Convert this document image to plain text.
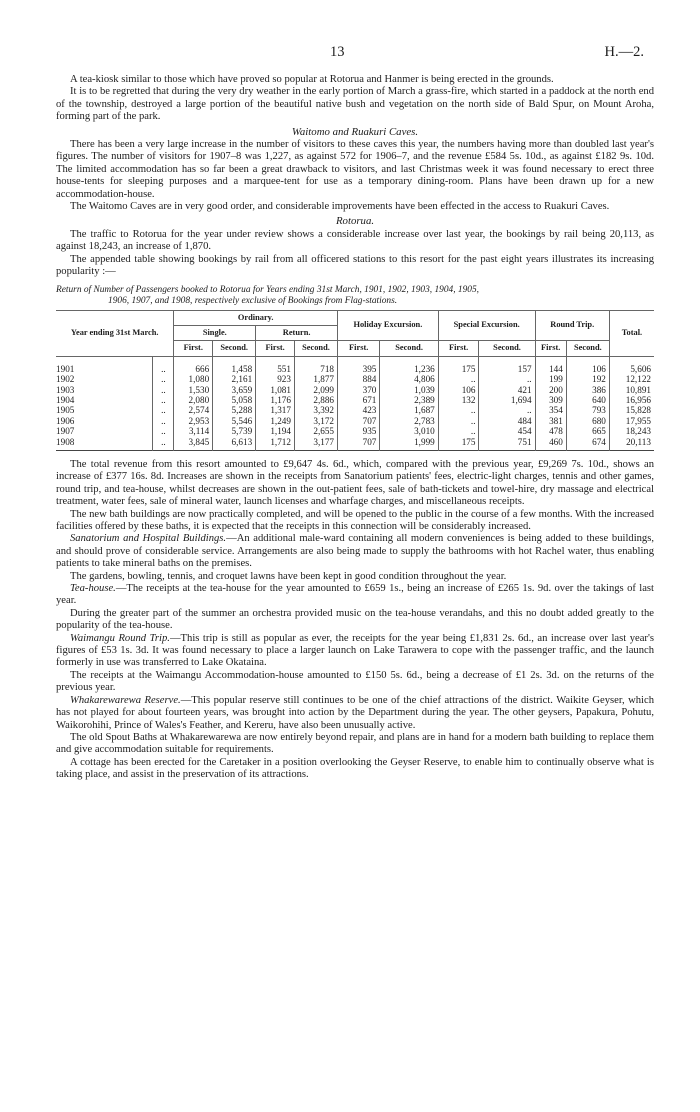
13	H.—2.

A tea-kiosk similar to those which have proved so popular at Rotorua and Hanmer is being erected in the grounds.

It is to be regretted that during the very dry weather in the early portion of March a grass-fire, which started in a paddock at the north end of the township, destroyed a large portion of the beautiful native bush and vegetation on the north side of Bald Spur, on Mount Aroha, forming part of the park.

Waitomo and Ruakuri Caves.

There has been a very large increase in the number of visitors to these caves this year, the numbers having more than doubled last year's figures. The number of visitors for 1907–8 was 1,227, as against 572 for 1906–7, and the revenue £584 5s. 10d., as against £182 9s. 10d. The limited accommodation has so far been a great drawback to visitors, and last Christmas week it was found necessary to erect three house-tents for sleeping purposes and a marquee-tent for use as a temporary dining-room. Plans have been drawn up for a new accommodation-house.

The Waitomo Caves are in very good order, and considerable improvements have been effected in the access to Ruakuri Caves.

Rotorua.

The traffic to Rotorua for the year under review shows a considerable increase over last year, the bookings by rail being 20,113, as against 18,243, an increase of 1,870.

The appended table showing bookings by rail from all officered stations to this resort for the past eight years illustrates its increasing popularity :—

Return of Number of Passengers booked to Rotorua for Years ending 31st March, 1901, 1902, 1903, 1904, 1905,
1906, 1907, and 1908, respectively exclusive of Bookings from Flag-stations.
Year ending 31st March.		Ordinary.				Holiday Excursion.		Special Excursion.		Round Trip.		Total.
		Single.		Return.								
		First.	Second.	First.	Second.	First.	Second.	First.	Second.	First.	Second.	

1901	..	666	1,458	551	718	395	1,236	175	157	144	106	5,606
1902	..	1,080	2,161	923	1,877	884	4,806	..	..	199	192	12,122
1903	..	1,530	3,659	1,081	2,099	370	1,039	106	421	200	386	10,891
1904	..	2,080	5,058	1,176	2,886	671	2,389	132	1,694	309	640	16,956
1905	..	2,574	5,288	1,317	3,392	423	1,687	..	..	354	793	15,828
1906	..	2,953	5,546	1,249	3,172	707	2,783	..	484	381	680	17,955
1907	..	3,114	5,739	1,194	2,655	935	3,010	..	454	478	665	18,243
1908	..	3,845	6,613	1,712	3,177	707	1,999	175	751	460	674	20,113

The total revenue from this resort amounted to £9,647 4s. 6d., which, compared with the previous year, £9,269 7s. 10d., shows an increase of £377 16s. 8d. Increases are shown in the receipts from Sanatorium patients' fees, electric-light charges, tennis and other games, round trip, and tea-house, whilst decreases are shown in the out-patient fees, sale of bath-tickets and towel-hire, dry massage and electrical treatment, water fees, sale of mineral water, launch licenses and wharfage charges, and miscellaneous receipts.

The new bath buildings are now practically completed, and will be opened to the public in the course of a few months. With the increased facilities offered by these baths, it is expected that the receipts in this connection will be considerably increased.

Sanatorium and Hospital Buildings.—An additional male-ward containing all modern conveniences is being added to these buildings, and should prove of considerable service. Arrangements are also being made to supply the bathrooms with hot Rachel water, thus enabling patients to take mineral baths on the premises.

The gardens, bowling, tennis, and croquet lawns have been kept in good condition throughout the year.

Tea-house.—The receipts at the tea-house for the year amounted to £659 1s., being an increase of £265 1s. 9d. over the takings of last year.

During the greater part of the summer an orchestra provided music on the tea-house verandahs, and this no doubt added greatly to the popularity of the tea-house.

Waimangu Round Trip.—This trip is still as popular as ever, the receipts for the year being £1,831 2s. 6d., an increase over last year's figures of £53 1s. 3d. It was found necessary to place a larger launch on Lake Tarawera to cope with the passenger traffic, and the launch formerly in use was transferred to Lake Okataina.

The receipts at the Waimangu Accommodation-house amounted to £150 5s. 6d., being a decrease of £1 2s. 3d. on the returns of the previous year.

Whakarewarewa Reserve.—This popular reserve still continues to be one of the chief attractions of the district. Waikite Geyser, which has not played for about fourteen years, was brought into action by the Department during the year. The other geysers, Papakura, Pohutu, Waikorohihi, Prince of Wales's Feather, and Kereru, have also been unusually active.

The old Spout Baths at Whakarewarewa are now entirely beyond repair, and plans are in hand for a modern bath building to replace them and give accommodation suitable for requirements.

A cottage has been erected for the Caretaker in a position overlooking the Geyser Reserve, to enable him to continually observe what is taking place, and assist in the preservation of its attractions.
